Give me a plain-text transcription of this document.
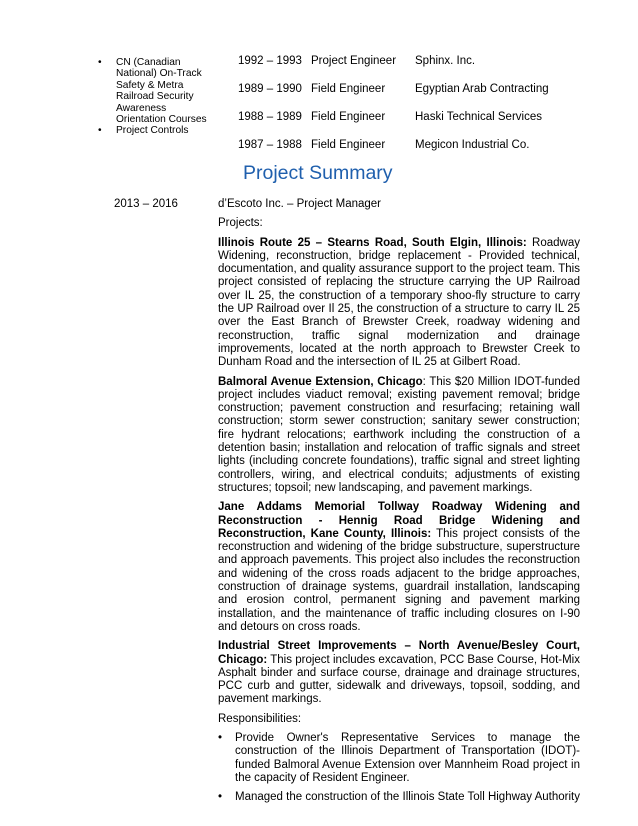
• CN (Canadian
National) On-Track
Safety & Metra
Railroad Security
Awareness
Orientation Courses
• Project Controls
1992 – 1993 Project Engineer Sphinx. Inc.
1989 – 1990 Field Engineer	Egyptian Arab Contracting
1988 – 1989 Field Engineer	Haski Technical Services
1987 – 1988 Field Engineer	Megicon Industrial Co.
Project Summary
2013 – 2016	d’Escoto Inc. – Project Manager

Projects:

Illinois Route 25 – Stearns Road, South Elgin, Illinois: Roadway Widening, reconstruction, bridge replacement - Provided technical, documentation, and quality assurance support to the project team. This project consisted of replacing the structure carrying the UP Railroad over IL 25, the construction of a temporary shoo-fly structure to carry the UP Railroad over Il 25, the construction of a structure to carry IL 25 over the East Branch of Brewster Creek, roadway widening and reconstruction, traffic signal modernization and drainage improvements, located at the north approach to Brewster Creek to Dunham Road and the intersection of IL 25 at Gilbert Road.

Balmoral Avenue Extension, Chicago: This $20 Million IDOT-funded project includes viaduct removal; existing pavement removal; bridge construction; pavement construction and resurfacing; retaining wall construction; storm sewer construction; sanitary sewer construction; fire hydrant relocations; earthwork including the construction of a detention basin; installation and relocation of traffic signals and street lights (including concrete foundations), traffic signal and street lighting controllers, wiring, and electrical conduits; adjustments of existing structures; topsoil; new landscaping, and pavement markings.

Jane Addams Memorial Tollway Roadway Widening and Reconstruction - Hennig Road Bridge Widening and Reconstruction, Kane County, Illinois: This project consists of the reconstruction and widening of the bridge substructure, superstructure and approach pavements. This project also includes the reconstruction and widening of the cross roads adjacent to the bridge approaches, construction of drainage systems, guardrail installation, landscaping and erosion control, permanent signing and pavement marking installation, and the maintenance of traffic including closures on I-90 and detours on cross roads.

Industrial Street Improvements – North Avenue/Besley Court, Chicago: This project includes excavation, PCC Base Course, Hot-Mix Asphalt binder and surface course, drainage and drainage structures, PCC curb and gutter, sidewalk and driveways, topsoil, sodding, and pavement markings.

Responsibilities:

• Provide Owner's Representative Services to manage the construction of the Illinois Department of Transportation (IDOT)-funded Balmoral Avenue Extension over Mannheim Road project in the capacity of Resident Engineer.
• Managed the construction of the Illinois State Toll Highway Authority
